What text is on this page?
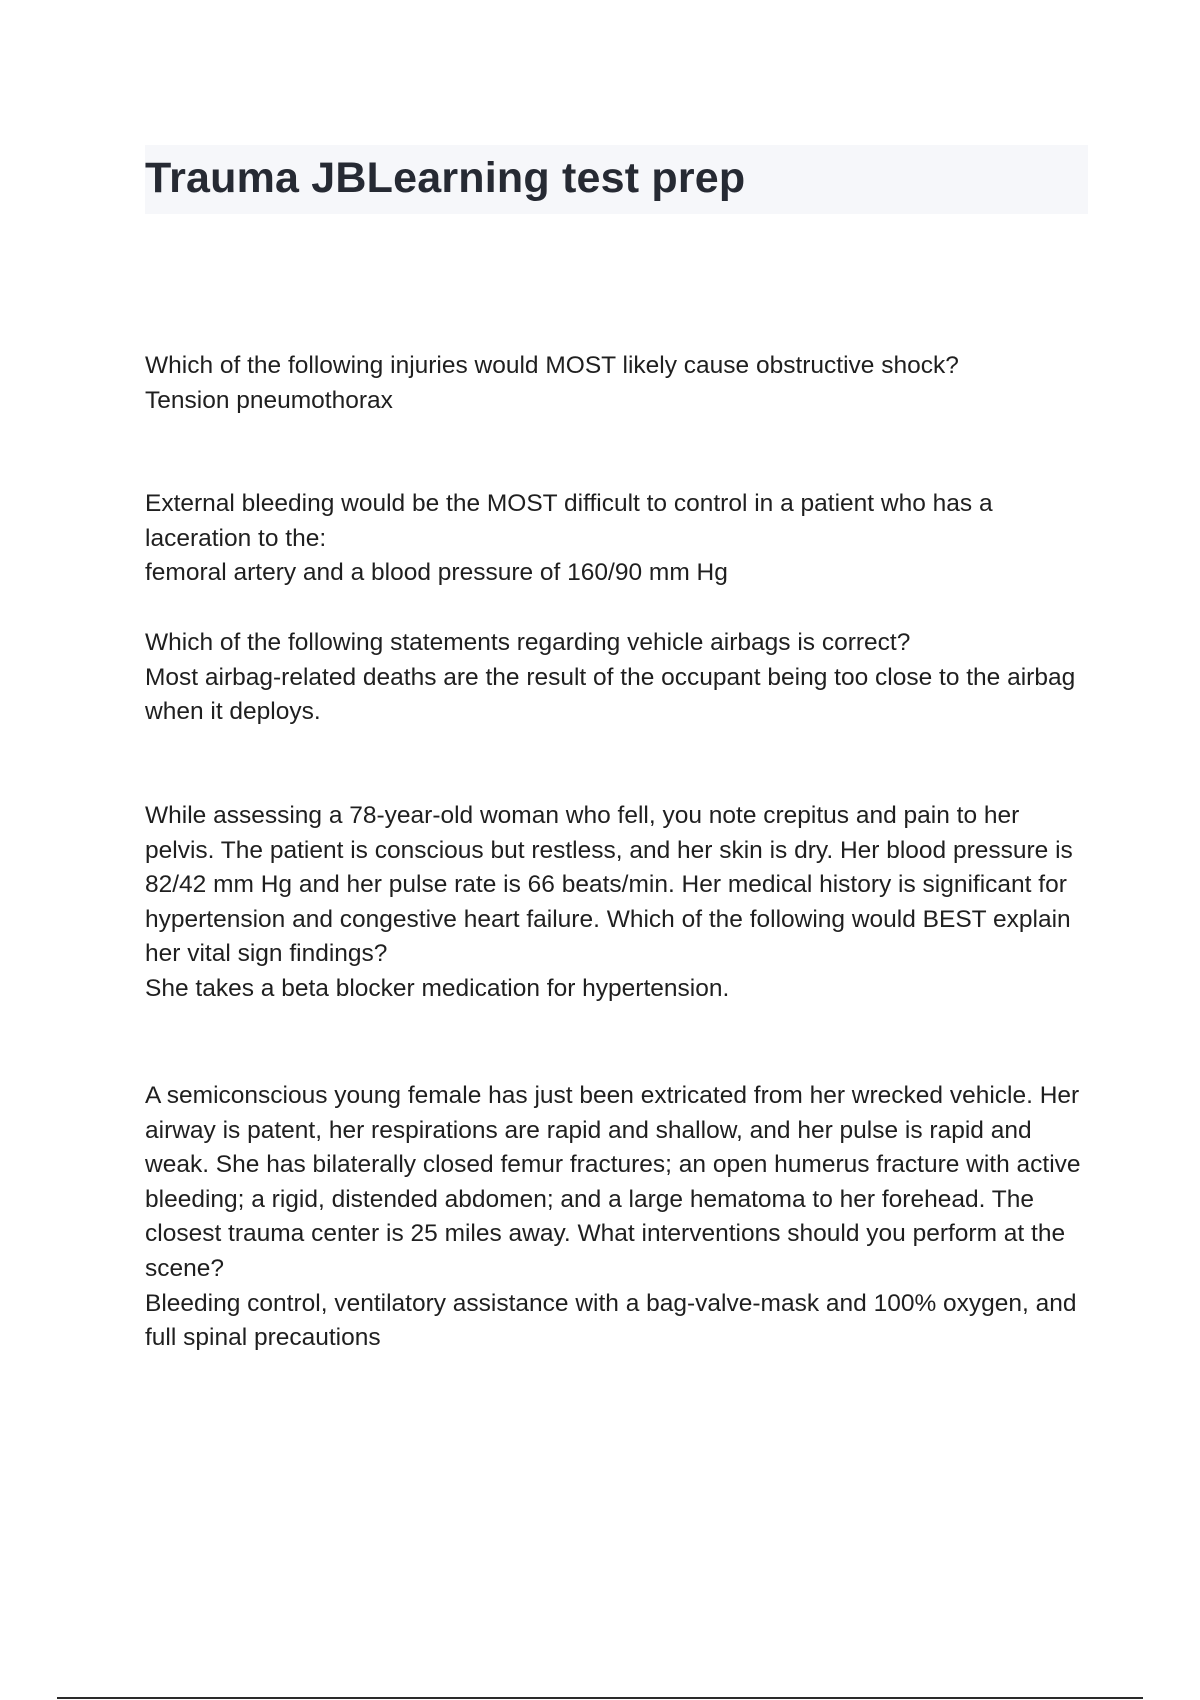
Trauma JBLearning test prep

Which of the following injuries would MOST likely cause obstructive shock?

Tension pneumothorax

External bleeding would be the MOST difficult to control in a patient who has a laceration to the:

femoral artery and a blood pressure of 160/90 mm Hg

Which of the following statements regarding vehicle airbags is correct?

Most airbag-related deaths are the result of the occupant being too close to the airbag when it deploys.

While assessing a 78-year-old woman who fell, you note crepitus and pain to her pelvis. The patient is conscious but restless, and her skin is dry. Her blood pressure is 82/42 mm Hg and her pulse rate is 66 beats/min. Her medical history is significant for hypertension and congestive heart failure. Which of the following would BEST explain her vital sign findings?

She takes a beta blocker medication for hypertension.

A semiconscious young female has just been extricated from her wrecked vehicle. Her airway is patent, her respirations are rapid and shallow, and her pulse is rapid and weak. She has bilaterally closed femur fractures; an open humerus fracture with active bleeding; a rigid, distended abdomen; and a large hematoma to her forehead. The closest trauma center is 25 miles away. What interventions should you perform at the scene?

Bleeding control, ventilatory assistance with a bag-valve-mask and 100% oxygen, and full spinal precautions
